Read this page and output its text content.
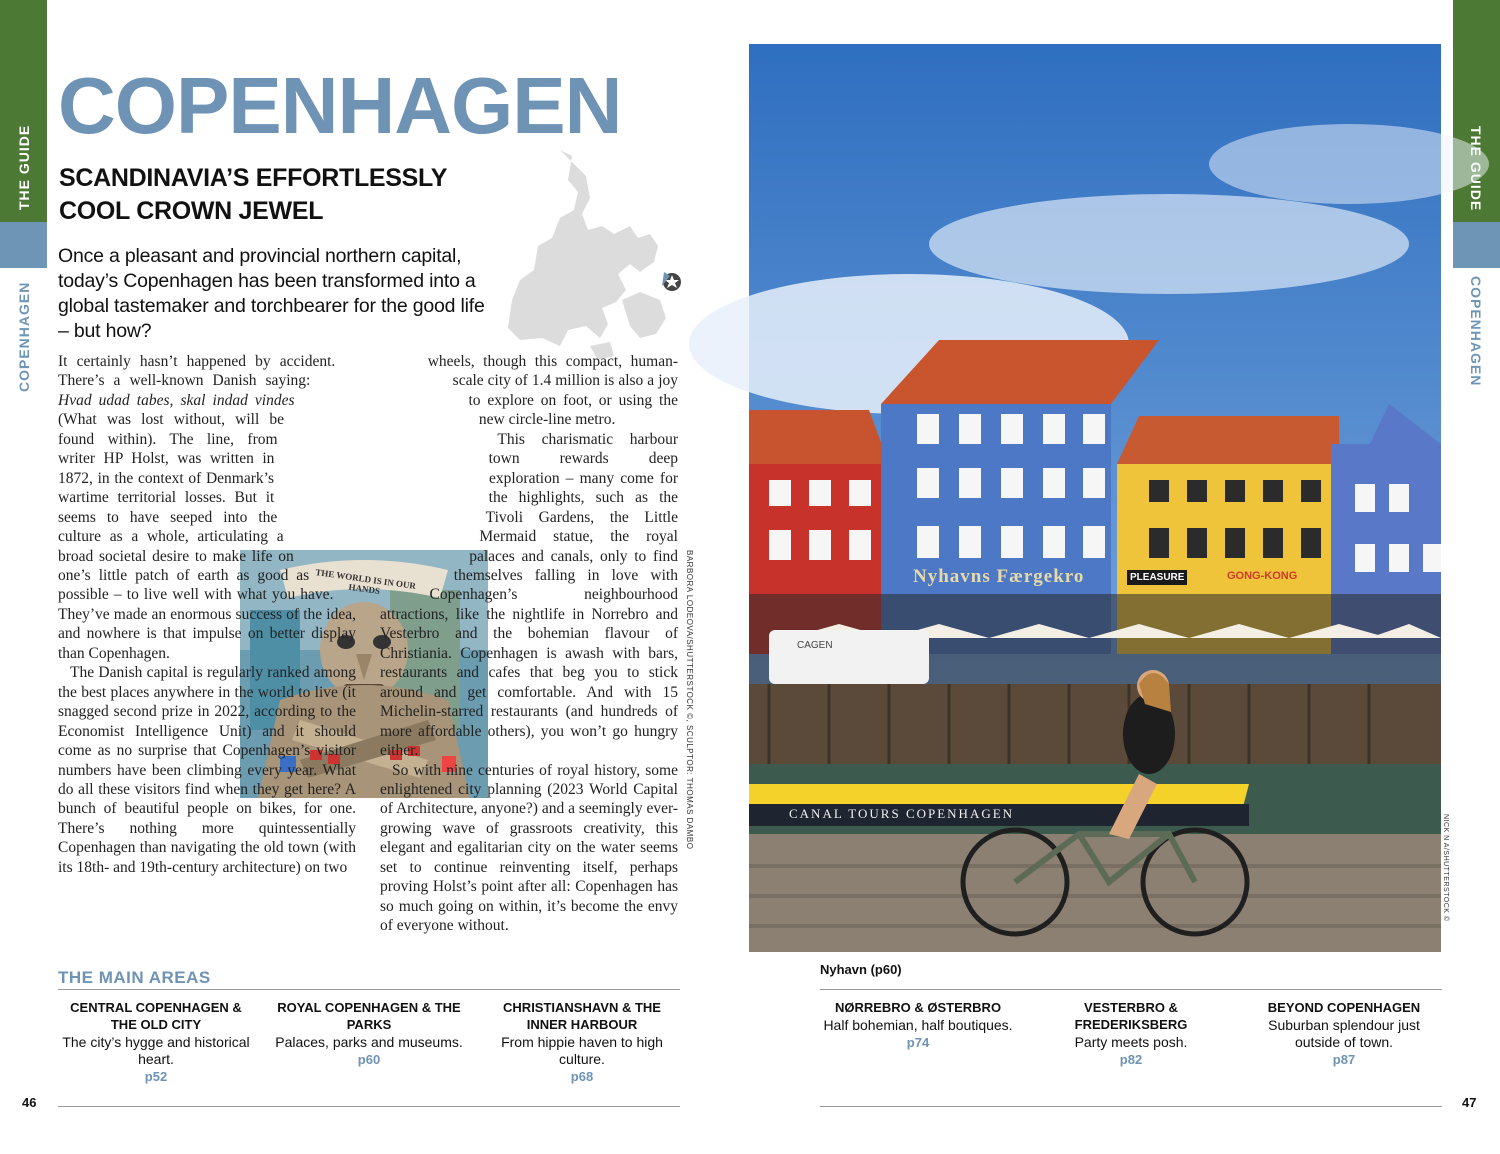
THE GUIDE
COPENHAGEN	COPENHAGEN
COPENHAGEN
SCANDINAVIA’S EFFORTLESSLY
COOL CROWN JEWEL

Once a pleasant and provincial northern capital, today’s Copenhagen has been transformed into a global tastemaker and torchbearer for the good life – but how?

THE WORLD IS IN OUR HANDS	BARBORA LODEOVA/SHUTTERSTOCK ©, SCULPTOR: THOMAS DAMBO

It certainly hasn’t happened by accident. There’s a well-known Danish saying: Hvad udad tabes, skal indad vindes (What was lost without, will be found within). The line, from writer HP Holst, was written in 1872, in the context of Denmark’s wartime territorial losses. But it seems to have seeped into the culture as a whole, articulating a broad societal desire to make life on one’s little patch of earth as good as possible – to live well with what you have. They’ve made an enormous success of the idea, and nowhere is that impulse on better display than Copenhagen.

The Danish capital is regularly ranked among the best places anywhere in the world to live (it snagged second prize in 2022, according to the Economist Intelligence Unit) and it should come as no surprise that Copenhagen’s visitor numbers have been climbing every year. What do all these visitors find when they get here? A bunch of beautiful people on bikes, for one. There’s nothing more quintessentially Copenhagen than navigating the old town (with its 18th- and 19th-century architecture) on two

wheels, though this compact, human-scale city of 1.4 million is also a joy to explore on foot, or using the new circle-line metro.

This charismatic harbour town rewards deep exploration – many come for the highlights, such as the Tivoli Gardens, the Little Mermaid statue, the royal palaces and canals, only to find themselves falling in love with Copenhagen’s neighbourhood attractions, like the nightlife in Norrebro and Vesterbro and the bohemian flavour of Christiania. Copenhagen is awash with bars, restaurants and cafes that beg you to stick around and get comfortable. And with 15 Michelin-starred restaurants (and hundreds of more affordable others), you won’t go hungry either.

So with nine centuries of royal history, some enlightened city planning (2023 World Capital of Architecture, anyone?) and a seemingly ever-growing wave of grassroots creativity, this elegant and egalitarian city on the water seems set to continue reinventing itself, perhaps proving Holst’s point after all: Copenhagen has so much going on within, it’s become the envy of everyone without.

Nyhavns Færgekro	PLEASURE	GONG-KONG
CANAL TOURS COPENHAGEN
CAGEN
NICK N A/SHUTTERSTOCK ©
Nyhavn (p60)
THE MAIN AREAS
CENTRAL COPENHAGEN & THE OLD CITY
The city’s hygge and historical heart.
p52
ROYAL COPENHAGEN & THE PARKS
Palaces, parks and museums.
p60
CHRISTIANSHAVN & THE INNER HARBOUR
From hippie haven to high culture.
p68
NØRREBRO & ØSTERBRO
Half bohemian, half boutiques.
p74
VESTERBRO & FREDERIKSBERG
Party meets posh.
p82
BEYOND COPENHAGEN
Suburban splendour just outside of town.
p87
46	47
